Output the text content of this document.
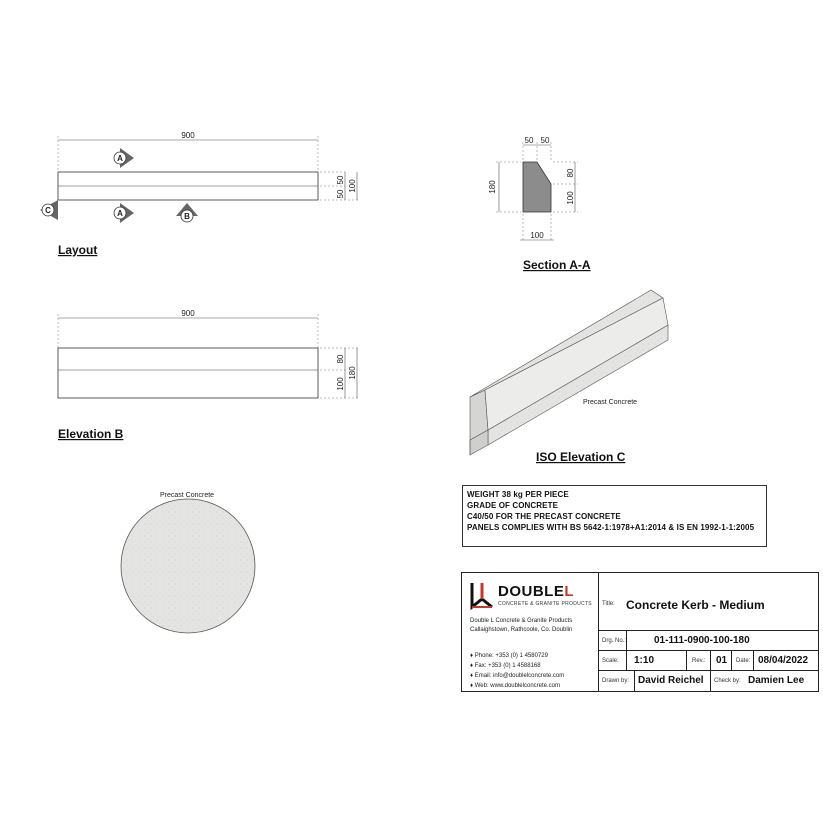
900
50
50
100
A
A	B
C
Layout
50 50
180
80
100
100
Section A-A
900
80
100
180
Elevation B
Precast Concrete
ISO Elevation C
Precast Concrete	WEIGHT 38 kg PER PIECE
GRADE OF CONCRETE
C40/50 FOR THE PRECAST CONCRETE
PANELS COMPLIES WITH BS 5642-1:1978+A1:2014 & IS EN 1992-1-1:2005
DOUBLEL
CONCRETE & GRANITE PRODUCTS
Double L Concrete & Granite Products
Callaighstown, Rathcoole, Co. Doublin
♦ Phone: +353 (0) 1 4580729
♦ Fax: +353 (0) 1 4588168
♦ Email: info@doublelconcrete.com
♦ Web: www.doublelconcrete.com
Title: Concrete Kerb - Medium
Drg. No.:	01-111-0900-100-180
Scale: 1:10	Rev.: 01 Date: 08/04/2022
Drawn by: David Reichel Check by: Damien Lee
